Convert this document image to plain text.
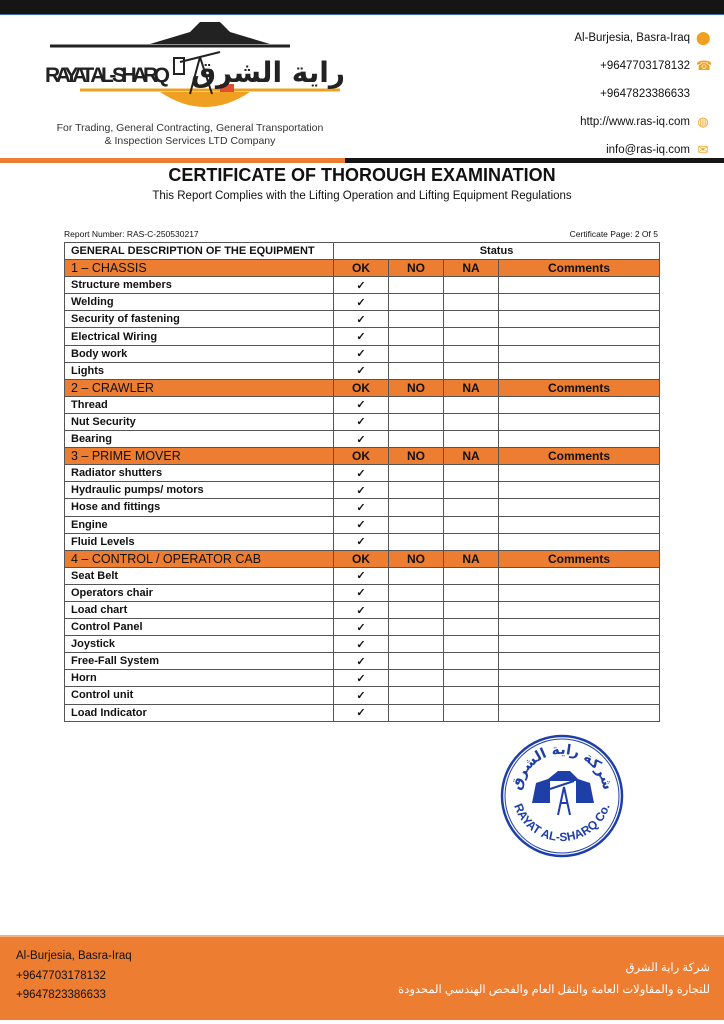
RAYAT AL-SHARQ راية الشرق
For Trading, General Contracting, General Transportation
& Inspection Services LTD Company
Al-Burjesia, Basra-Iraq ⬤
+9647703178132 ☎
+9647823386633
http://www.ras-iq.com ◍
info@ras-iq.com ✉
CERTIFICATE OF THOROUGH EXAMINATION
This Report Complies with the Lifting Operation and Lifting Equipment Regulations
Report Number: RAS-C-250530217	Certificate Page: 2 Of 5
GENERAL DESCRIPTION OF THE EQUIPMENT	Status			
1 – CHASSIS	OK	NO	NA	Comments
Structure members	✓			
Welding	✓			
Security of fastening	✓			
Electrical Wiring	✓			
Body work	✓			
Lights	✓			
2 – CRAWLER	OK	NO	NA	Comments
Thread	✓			
Nut Security	✓			
Bearing	✓			
3 – PRIME MOVER	OK	NO	NA	Comments
Radiator shutters	✓			
Hydraulic pumps/ motors	✓			
Hose and fittings	✓			
Engine	✓			
Fluid Levels	✓			
4 – CONTROL / OPERATOR CAB	OK	NO	NA	Comments
Seat Belt	✓			
Operators chair	✓			
Load chart	✓			
Control Panel	✓			
Joystick	✓			
Free-Fall System	✓			
Horn	✓			
Control unit	✓			
Load Indicator	✓			
شركة راية الشرق
RAYAT AL-SHARQ Co.
Al-Burjesia, Basra-Iraq
+9647703178132
+9647823386633
شركة راية الشرق
للتجارة والمقاولات العامة والنقل العام والفحص الهندسي المحدودة
